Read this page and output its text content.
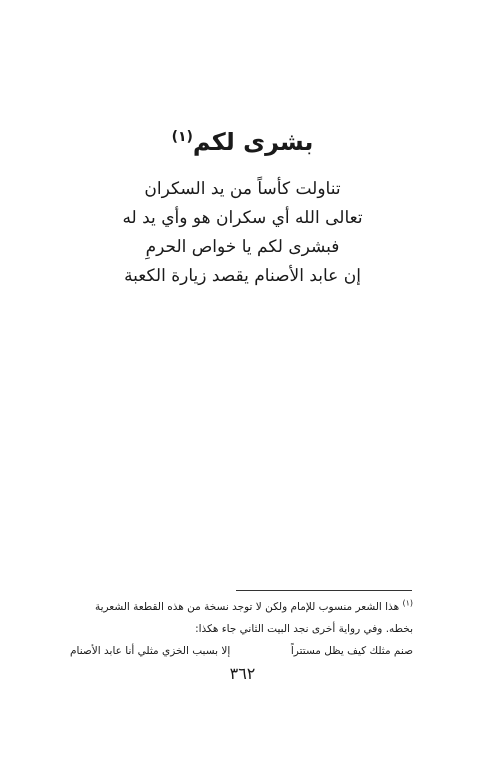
بشرى لكم$^{(١)}$
تناولت كأساً من يد السكران
تعالى الله أي سكران هو وأي يد له
فبشرى لكم يا خواص الحرمِ
إن عابد الأصنام يقصد زيارة الكعبة
$^{(١)}$ هذا الشعر منسوب للإمام ولكن لا توجد نسخة من هذه القطعة الشعرية
بخطه. وفي رواية أخرى نجد البيت الثاني جاء هكذا:
صنم مثلك كيف يظل مستتراً
إلا بسبب الخزي مثلي أنا عابد الأصنام
٣٦٢
